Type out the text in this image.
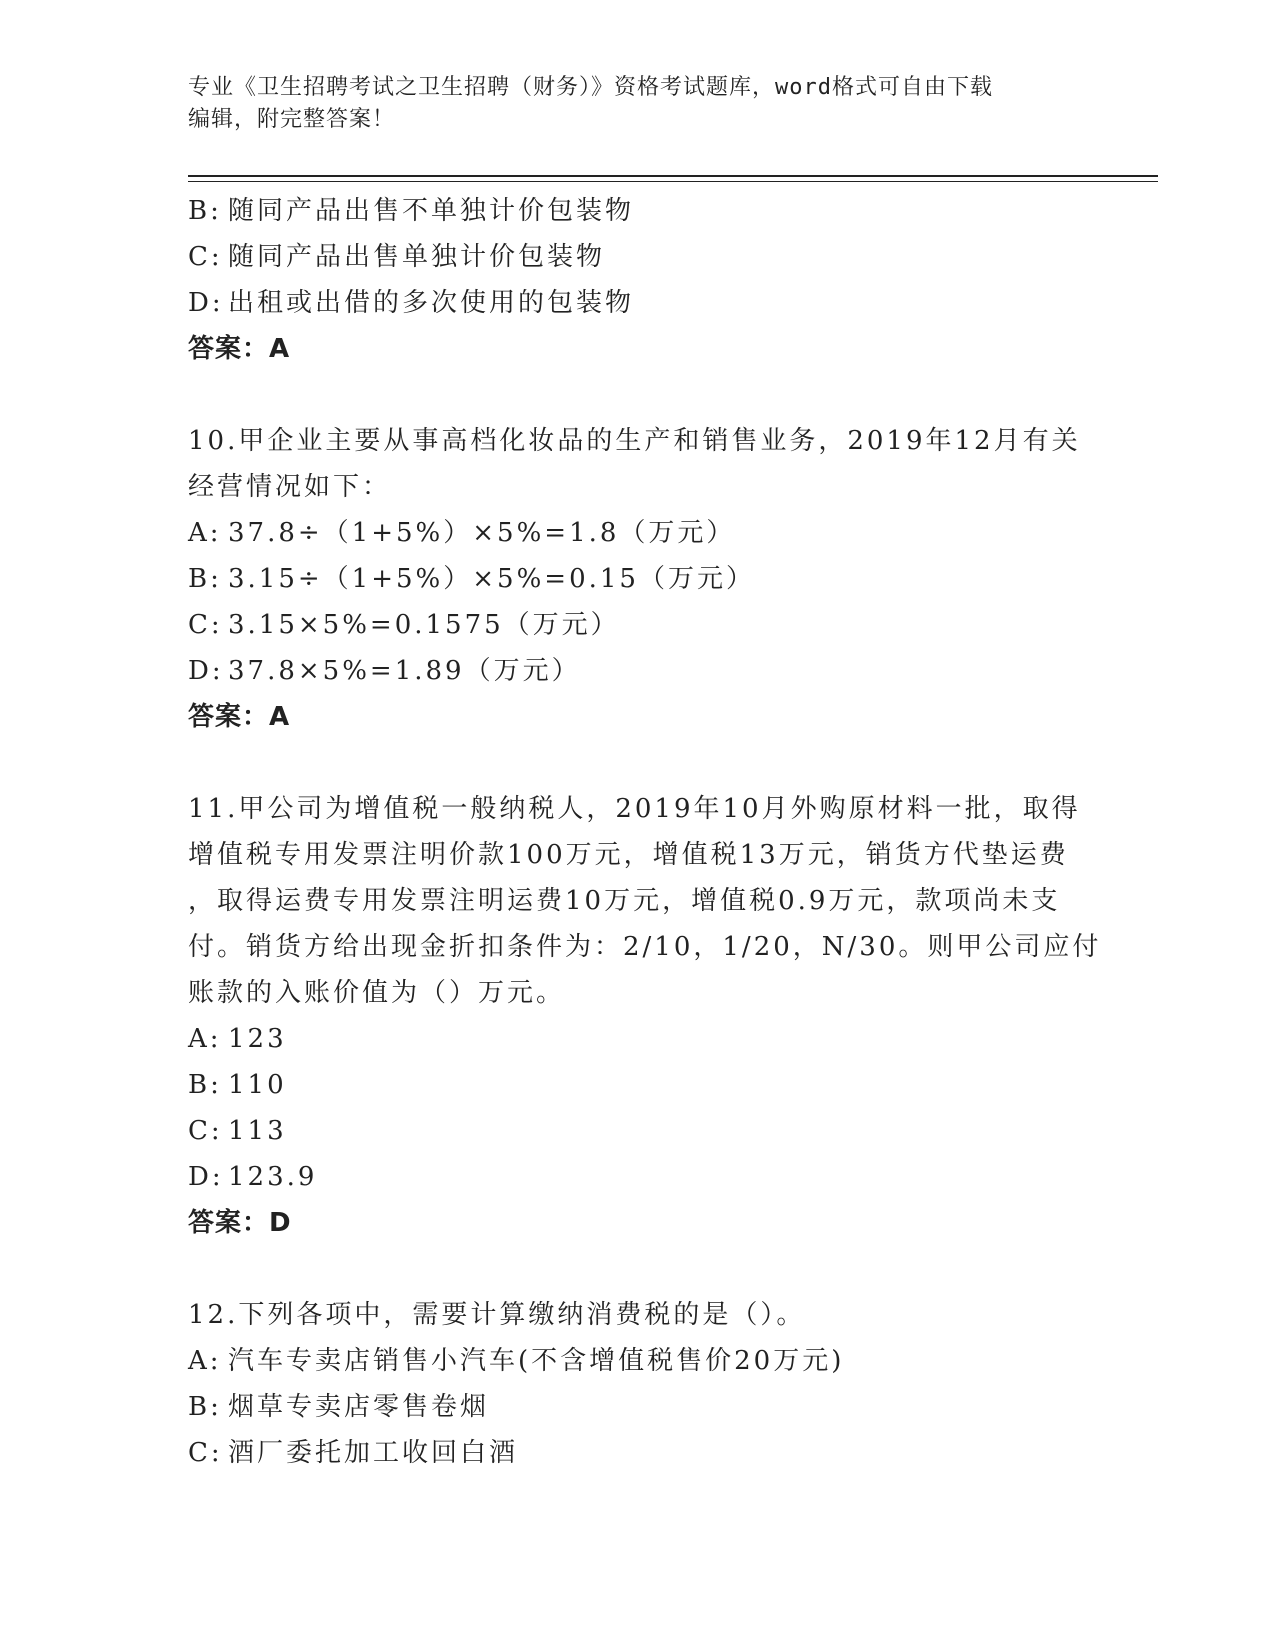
专业《卫生招聘考试之卫生招聘（财务）》资格考试题库，word格式可自由下载
编辑，附完整答案！
B: 随同产品出售不单独计价包装物
C: 随同产品出售单独计价包装物
D: 出租或出借的多次使用的包装物
答案：A
10.甲企业主要从事高档化妆品的生产和销售业务，2019年12月有关
经营情况如下：
A: 37.8÷（1+5%）×5%=1.8（万元）
B: 3.15÷（1+5%）×5%=0.15（万元）
C: 3.15×5%=0.1575（万元）
D: 37.8×5%=1.89（万元）
答案：A
11.甲公司为增值税一般纳税人，2019年10月外购原材料一批，取得
增值税专用发票注明价款100万元，增值税13万元，销货方代垫运费
，取得运费专用发票注明运费10万元，增值税0.9万元，款项尚未支
付。销货方给出现金折扣条件为：2/10，1/20，N/30。则甲公司应付
账款的入账价值为（）万元。
A: 123
B: 110
C: 113
D: 123.9
答案：D
12.下列各项中，需要计算缴纳消费税的是（）。
A: 汽车专卖店销售小汽车(不含增值税售价20万元)
B: 烟草专卖店零售卷烟
C: 酒厂委托加工收回白酒
